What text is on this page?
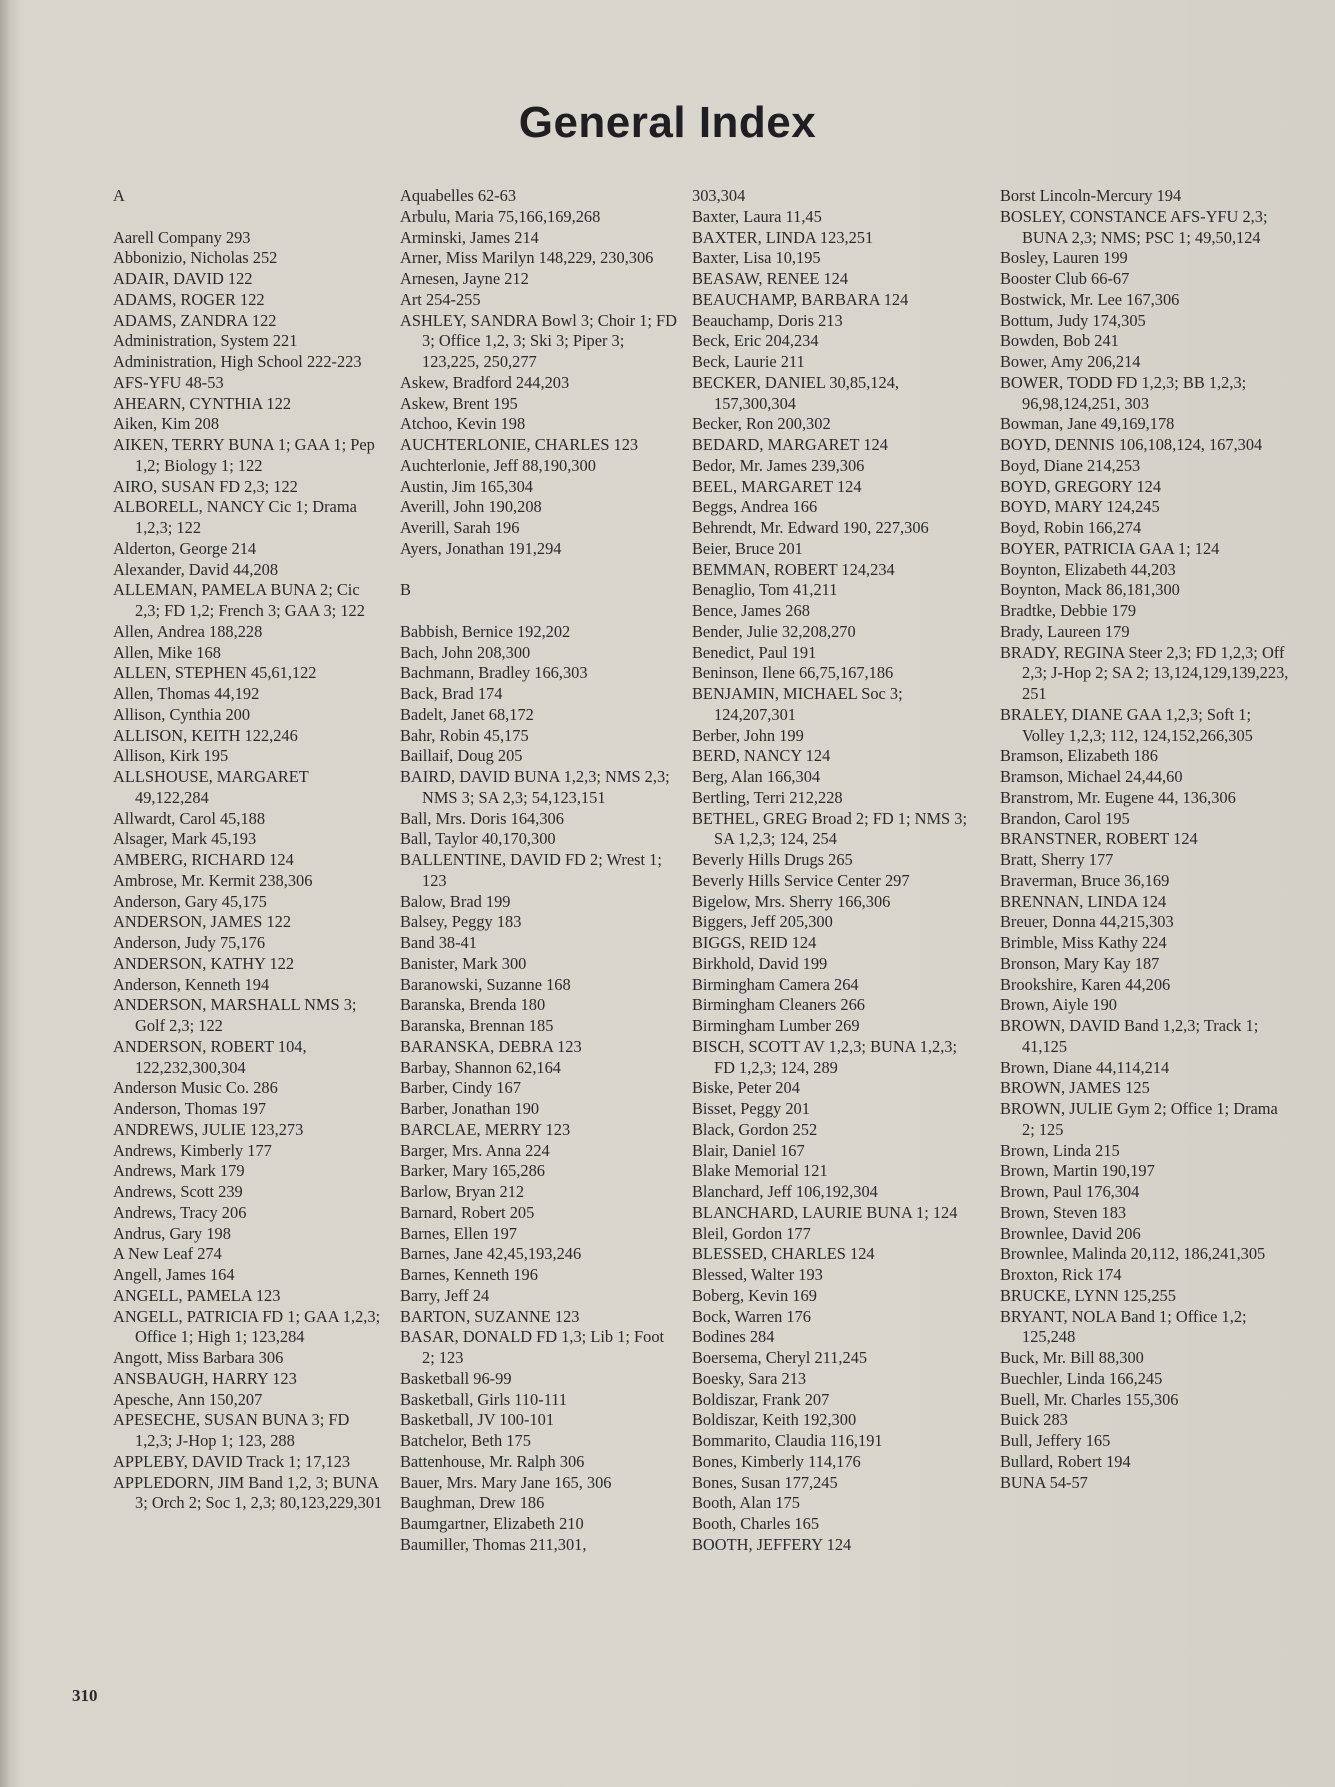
General Index
A
Aarell Company 293
Abbonizio, Nicholas 252
ADAIR, DAVID 122
ADAMS, ROGER 122
ADAMS, ZANDRA 122
Administration, System 221
Administration, High School 222-223
AFS-YFU 48-53
AHEARN, CYNTHIA 122
Aiken, Kim 208
AIKEN, TERRY BUNA 1; GAA 1; Pep 1,2; Biology 1; 122
AIRO, SUSAN FD 2,3; 122
ALBORELL, NANCY Cic 1; Drama 1,2,3; 122
Alderton, George 214
Alexander, David 44,208
ALLEMAN, PAMELA BUNA 2; Cic 2,3; FD 1,2; French 3; GAA 3; 122
Allen, Andrea 188,228
Allen, Mike 168
ALLEN, STEPHEN 45,61,122
Allen, Thomas 44,192
Allison, Cynthia 200
ALLISON, KEITH 122,246
Allison, Kirk 195
ALLSHOUSE, MARGARET 49,122,284
Allwardt, Carol 45,188
Alsager, Mark 45,193
AMBERG, RICHARD 124
Ambrose, Mr. Kermit 238,306
Anderson, Gary 45,175
ANDERSON, JAMES 122
Anderson, Judy 75,176
ANDERSON, KATHY 122
Anderson, Kenneth 194
ANDERSON, MARSHALL NMS 3; Golf 2,3; 122
ANDERSON, ROBERT 104, 122,232,300,304
Anderson Music Co. 286
Anderson, Thomas 197
ANDREWS, JULIE 123,273
Andrews, Kimberly 177
Andrews, Mark 179
Andrews, Scott 239
Andrews, Tracy 206
Andrus, Gary 198
A New Leaf 274
Angell, James 164
ANGELL, PAMELA 123
ANGELL, PATRICIA FD 1; GAA 1,2,3; Office 1; High 1; 123,284
Angott, Miss Barbara 306
ANSBAUGH, HARRY 123
Apesche, Ann 150,207
APESECHE, SUSAN BUNA 3; FD 1,2,3; J-Hop 1; 123, 288
APPLEBY, DAVID Track 1; 17,123
APPLEDORN, JIM Band 1,2, 3; BUNA 3; Orch 2; Soc 1, 2,3; 80,123,229,301
Aquabelles 62-63
Arbulu, Maria 75,166,169,268
Arminski, James 214
Arner, Miss Marilyn 148,229, 230,306
Arnesen, Jayne 212
Art 254-255
ASHLEY, SANDRA Bowl 3; Choir 1; FD 3; Office 1,2, 3; Ski 3; Piper 3; 123,225, 250,277
Askew, Bradford 244,203
Askew, Brent 195
Atchoo, Kevin 198
AUCHTERLONIE, CHARLES 123
Auchterlonie, Jeff 88,190,300
Austin, Jim 165,304
Averill, John 190,208
Averill, Sarah 196
Ayers, Jonathan 191,294
B
Babbish, Bernice 192,202
Bach, John 208,300
Bachmann, Bradley 166,303
Back, Brad 174
Badelt, Janet 68,172
Bahr, Robin 45,175
Baillaif, Doug 205
BAIRD, DAVID BUNA 1,2,3; NMS 2,3; NMS 3; SA 2,3; 54,123,151
Ball, Mrs. Doris 164,306
Ball, Taylor 40,170,300
BALLENTINE, DAVID FD 2; Wrest 1; 123
Balow, Brad 199
Balsey, Peggy 183
Band 38-41
Banister, Mark 300
Baranowski, Suzanne 168
Baranska, Brenda 180
Baranska, Brennan 185
BARANSKA, DEBRA 123
Barbay, Shannon 62,164
Barber, Cindy 167
Barber, Jonathan 190
BARCLAE, MERRY 123
Barger, Mrs. Anna 224
Barker, Mary 165,286
Barlow, Bryan 212
Barnard, Robert 205
Barnes, Ellen 197
Barnes, Jane 42,45,193,246
Barnes, Kenneth 196
Barry, Jeff 24
BARTON, SUZANNE 123
BASAR, DONALD FD 1,3; Lib 1; Foot 2; 123
Basketball 96-99
Basketball, Girls 110-111
Basketball, JV 100-101
Batchelor, Beth 175
Battenhouse, Mr. Ralph 306
Bauer, Mrs. Mary Jane 165, 306
Baughman, Drew 186
Baumgartner, Elizabeth 210
Baumiller, Thomas 211,301,
303,304
Baxter, Laura 11,45
BAXTER, LINDA 123,251
Baxter, Lisa 10,195
BEASAW, RENEE 124
BEAUCHAMP, BARBARA 124
Beauchamp, Doris 213
Beck, Eric 204,234
Beck, Laurie 211
BECKER, DANIEL 30,85,124, 157,300,304
Becker, Ron 200,302
BEDARD, MARGARET 124
Bedor, Mr. James 239,306
BEEL, MARGARET 124
Beggs, Andrea 166
Behrendt, Mr. Edward 190, 227,306
Beier, Bruce 201
BEMMAN, ROBERT 124,234
Benaglio, Tom 41,211
Bence, James 268
Bender, Julie 32,208,270
Benedict, Paul 191
Beninson, Ilene 66,75,167,186
BENJAMIN, MICHAEL Soc 3; 124,207,301
Berber, John 199
BERD, NANCY 124
Berg, Alan 166,304
Bertling, Terri 212,228
BETHEL, GREG Broad 2; FD 1; NMS 3; SA 1,2,3; 124, 254
Beverly Hills Drugs 265
Beverly Hills Service Center 297
Bigelow, Mrs. Sherry 166,306
Biggers, Jeff 205,300
BIGGS, REID 124
Birkhold, David 199
Birmingham Camera 264
Birmingham Cleaners 266
Birmingham Lumber 269
BISCH, SCOTT AV 1,2,3; BUNA 1,2,3; FD 1,2,3; 124, 289
Biske, Peter 204
Bisset, Peggy 201
Black, Gordon 252
Blair, Daniel 167
Blake Memorial 121
Blanchard, Jeff 106,192,304
BLANCHARD, LAURIE BUNA 1; 124
Bleil, Gordon 177
BLESSED, CHARLES 124
Blessed, Walter 193
Boberg, Kevin 169
Bock, Warren 176
Bodines 284
Boersema, Cheryl 211,245
Boesky, Sara 213
Boldiszar, Frank 207
Boldiszar, Keith 192,300
Bommarito, Claudia 116,191
Bones, Kimberly 114,176
Bones, Susan 177,245
Booth, Alan 175
Booth, Charles 165
BOOTH, JEFFERY 124
Borst Lincoln-Mercury 194
BOSLEY, CONSTANCE AFS-YFU 2,3; BUNA 2,3; NMS; PSC 1; 49,50,124
Bosley, Lauren 199
Booster Club 66-67
Bostwick, Mr. Lee 167,306
Bottum, Judy 174,305
Bowden, Bob 241
Bower, Amy 206,214
BOWER, TODD FD 1,2,3; BB 1,2,3; 96,98,124,251, 303
Bowman, Jane 49,169,178
BOYD, DENNIS 106,108,124, 167,304
Boyd, Diane 214,253
BOYD, GREGORY 124
BOYD, MARY 124,245
Boyd, Robin 166,274
BOYER, PATRICIA GAA 1; 124
Boynton, Elizabeth 44,203
Boynton, Mack 86,181,300
Bradtke, Debbie 179
Brady, Laureen 179
BRADY, REGINA Steer 2,3; FD 1,2,3; Off 2,3; J-Hop 2; SA 2; 13,124,129,139,223, 251
BRALEY, DIANE GAA 1,2,3; Soft 1; Volley 1,2,3; 112, 124,152,266,305
Bramson, Elizabeth 186
Bramson, Michael 24,44,60
Branstrom, Mr. Eugene 44, 136,306
Brandon, Carol 195
BRANSTNER, ROBERT 124
Bratt, Sherry 177
Braverman, Bruce 36,169
BRENNAN, LINDA 124
Breuer, Donna 44,215,303
Brimble, Miss Kathy 224
Bronson, Mary Kay 187
Brookshire, Karen 44,206
Brown, Aiyle 190
BROWN, DAVID Band 1,2,3; Track 1; 41,125
Brown, Diane 44,114,214
BROWN, JAMES 125
BROWN, JULIE Gym 2; Office 1; Drama 2; 125
Brown, Linda 215
Brown, Martin 190,197
Brown, Paul 176,304
Brown, Steven 183
Brownlee, David 206
Brownlee, Malinda 20,112, 186,241,305
Broxton, Rick 174
BRUCKE, LYNN 125,255
BRYANT, NOLA Band 1; Office 1,2; 125,248
Buck, Mr. Bill 88,300
Buechler, Linda 166,245
Buell, Mr. Charles 155,306
Buick 283
Bull, Jeffery 165
Bullard, Robert 194
BUNA 54-57
310
